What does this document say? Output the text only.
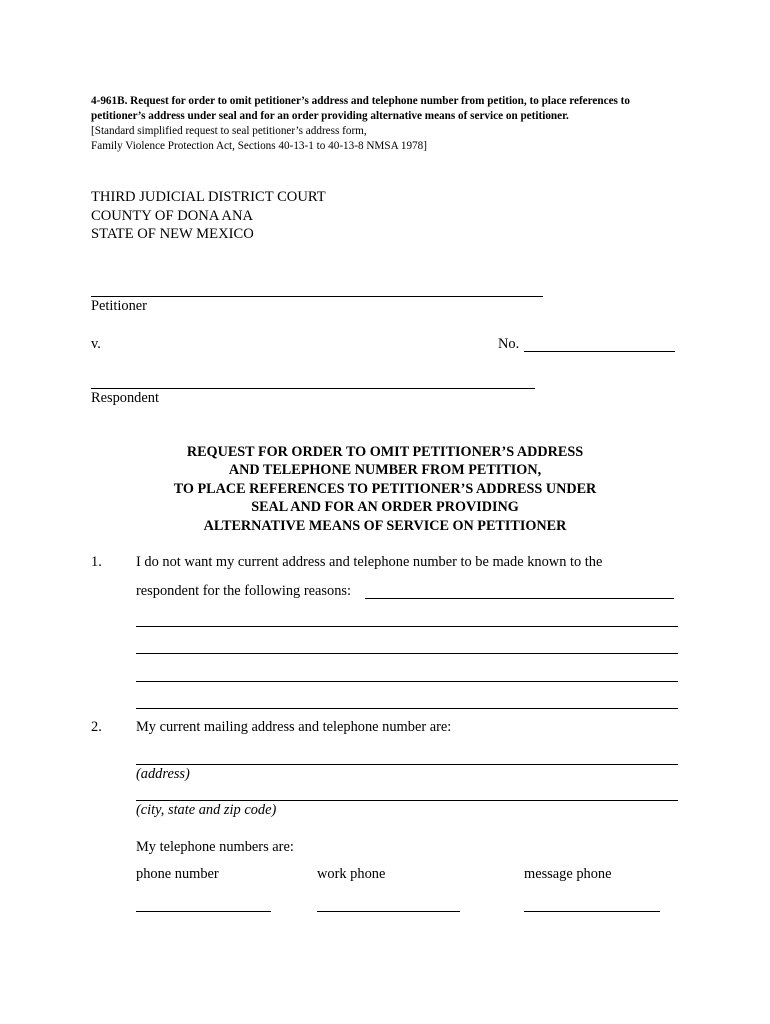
4-961B. Request for order to omit petitioner’s address and telephone number from petition, to place references to petitioner’s address under seal and for an order providing alternative means of service on petitioner.
[Standard simplified request to seal petitioner’s address form,
Family Violence Protection Act, Sections 40-13-1 to 40-13-8 NMSA 1978]
THIRD JUDICIAL DISTRICT COURT
COUNTY OF DONA ANA
STATE OF NEW MEXICO
Petitioner
v.	No.
Respondent
REQUEST FOR ORDER TO OMIT PETITIONER’S ADDRESS
AND TELEPHONE NUMBER FROM PETITION,
TO PLACE REFERENCES TO PETITIONER’S ADDRESS UNDER
SEAL AND FOR AN ORDER PROVIDING
ALTERNATIVE MEANS OF SERVICE ON PETITIONER
1. I do not want my current address and telephone number to be made known to the
respondent for the following reasons:
2. My current mailing address and telephone number are:
(address)
(city, state and zip code)
My telephone numbers are:
phone number	work phone	message phone
